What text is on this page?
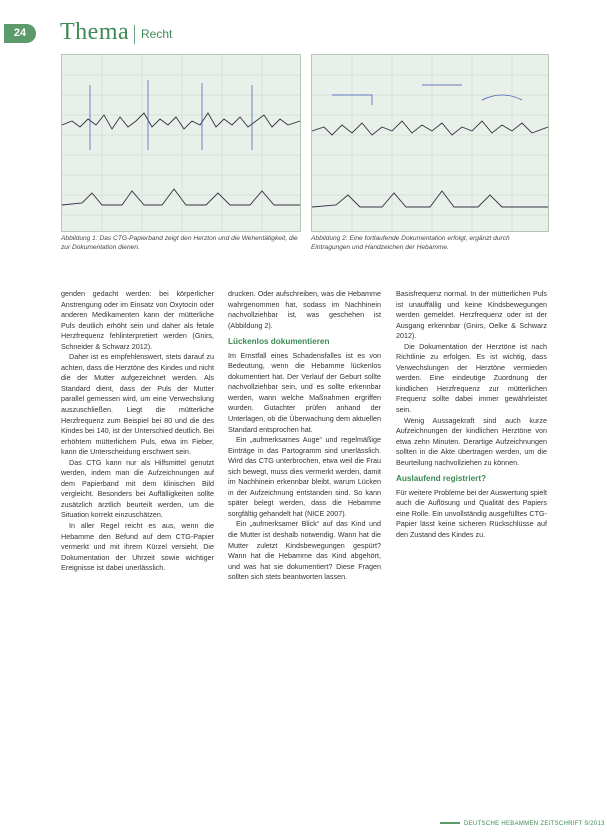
24	Thema Recht
Abbildung 1: Das CTG-Papierband zeigt den Herzton und die Wehentätigkeit, die zur Dokumentation dienen.
Abbildung 2: Eine fortlaufende Dokumentation erfolgt, ergänzt durch Eintragungen und Handzeichen der Hebamme.

genden gedacht werden: bei körperlicher Anstrengung oder im Einsatz von Oxytocin oder anderen Medikamenten kann der mütterliche Puls deutlich erhöht sein und daher als fetale Herzfrequenz fehlinterpretiert werden (Gnirs, Schneider & Schwarz 2012).

Daher ist es empfehlenswert, stets darauf zu achten, dass die Herztöne des Kindes und nicht die der Mutter aufgezeichnet werden. Als Standard dient, dass der Puls der Mutter parallel gemessen wird, um eine Verwechslung auszuschließen. Liegt die mütterliche Herzfrequenz zum Beispiel bei 80 und die des Kindes bei 140, ist der Unterschied deutlich. Bei erhöhtem mütterlichem Puls, etwa im Fieber, kann die Unterscheidung erschwert sein.

Das CTG kann nur als Hilfsmittel genutzt werden, indem man die Aufzeichnungen auf dem Papierband mit dem klinischen Bild vergleicht. Besonders bei Auffälligkeiten sollte zusätzlich ärztlich beurteilt werden, um die Situation korrekt einzuschätzen.

In aller Regel reicht es aus, wenn die Hebamme den Befund auf dem CTG-Papier vermerkt und mit ihrem Kürzel versieht. Die Dokumentation der Uhrzeit sowie wichtiger Ereignisse ist dabei unerlässlich.

drucken. Oder aufschreiben, was die Hebamme wahrgenommen hat, sodass im Nachhinein nachvollziehbar ist, was geschehen ist (Abbildung 2).

Lückenlos dokumentieren

Im Ernstfall eines Schadensfalles ist es von Bedeutung, wenn die Hebamme lückenlos dokumentiert hat. Der Verlauf der Geburt sollte nachvollziehbar sein, und es sollte erkennbar werden, wann welche Maßnahmen ergriffen wurden. Gutachter prüfen anhand der Unterlagen, ob die Überwachung dem aktuellen Standard entsprochen hat.

Ein „aufmerksames Auge“ und regelmäßige Einträge in das Partogramm sind unerlässlich. Wird das CTG unterbrochen, etwa weil die Frau sich bewegt, muss dies vermerkt werden, damit im Nachhinein erkennbar bleibt, warum Lücken in der Aufzeichnung entstanden sind. So kann später belegt werden, dass die Hebamme sorgfältig gehandelt hat (NICE 2007).

Ein „aufmerksamer Blick“ auf das Kind und die Mutter ist deshalb notwendig. Wann hat die Mutter zuletzt Kindsbewegungen gespürt? Wann hat die Hebamme das Kind abgehört, und was hat sie dokumentiert? Diese Fragen sollten sich stets beantworten lassen.

Basisfrequenz normal. In der mütterlichen Puls ist unauffällig und keine Kindsbewegungen werden gemeldet. Herzfrequenz oder ist der Ausgang erkennbar (Gnirs, Oelke & Schwarz 2012).

Die Dokumentation der Herztöne ist nach Richtlinie zu erfolgen. Es ist wichtig, dass Verwechslungen der Herztöne vermieden werden. Eine eindeutige Zuordnung der kindlichen Herzfrequenz zur mütterlichen Frequenz sollte dabei immer gewährleistet sein.

Wenig Aussagekraft sind auch kurze Aufzeichnungen der kindlichen Herztöne von etwa zehn Minuten. Derartige Aufzeichnungen sollten in die Akte übertragen werden, um die Beurteilung nachvollziehen zu können.

Auslaufend registriert?

Für weitere Probleme bei der Auswertung spielt auch die Auflösung und Qualität des Papiers eine Rolle. Ein unvollständig ausgefülltes CTG-Papier lässt keine sicheren Rückschlüsse auf den Zustand des Kindes zu.

DEUTSCHE HEBAMMEN ZEITSCHRIFT 9/2013
